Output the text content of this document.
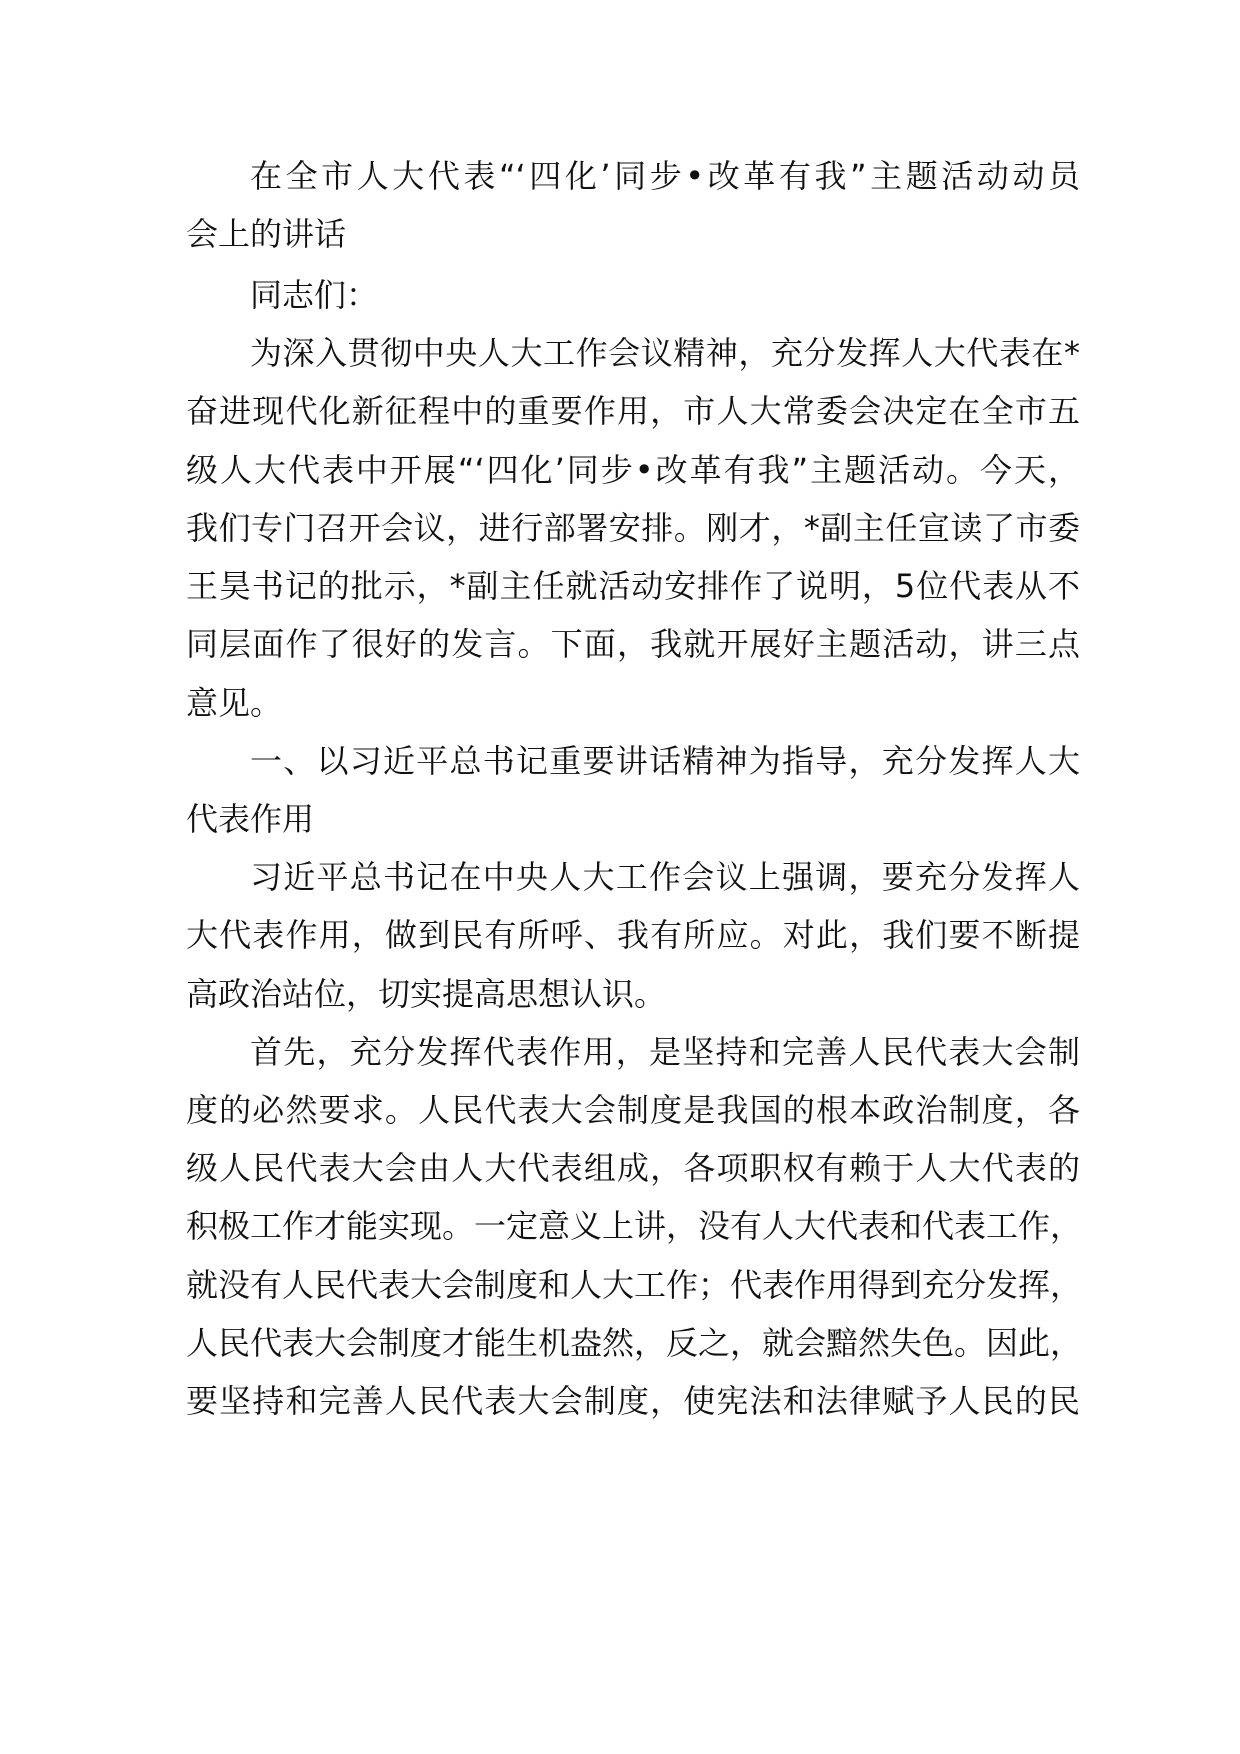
在全市人大代表“‘四化’同步•改革有我”主题活动动员
会上的讲话
同志们：
为深入贯彻中央人大工作会议精神，充分发挥人大代表在*
奋进现代化新征程中的重要作用，市人大常委会决定在全市五
级人大代表中开展“‘四化’同步•改革有我”主题活动。今天，
我们专门召开会议，进行部署安排。刚才，*副主任宣读了市委
王昊书记的批示，*副主任就活动安排作了说明，5位代表从不
同层面作了很好的发言。下面，我就开展好主题活动，讲三点
意见。
一、以习近平总书记重要讲话精神为指导，充分发挥人大
代表作用
习近平总书记在中央人大工作会议上强调，要充分发挥人
大代表作用，做到民有所呼、我有所应。对此，我们要不断提
高政治站位，切实提高思想认识。
首先，充分发挥代表作用，是坚持和完善人民代表大会制
度的必然要求。人民代表大会制度是我国的根本政治制度，各
级人民代表大会由人大代表组成，各项职权有赖于人大代表的
积极工作才能实现。一定意义上讲，没有人大代表和代表工作，
就没有人民代表大会制度和人大工作；代表作用得到充分发挥，
人民代表大会制度才能生机盎然，反之，就会黯然失色。因此，
要坚持和完善人民代表大会制度，使宪法和法律赋予人民的民
